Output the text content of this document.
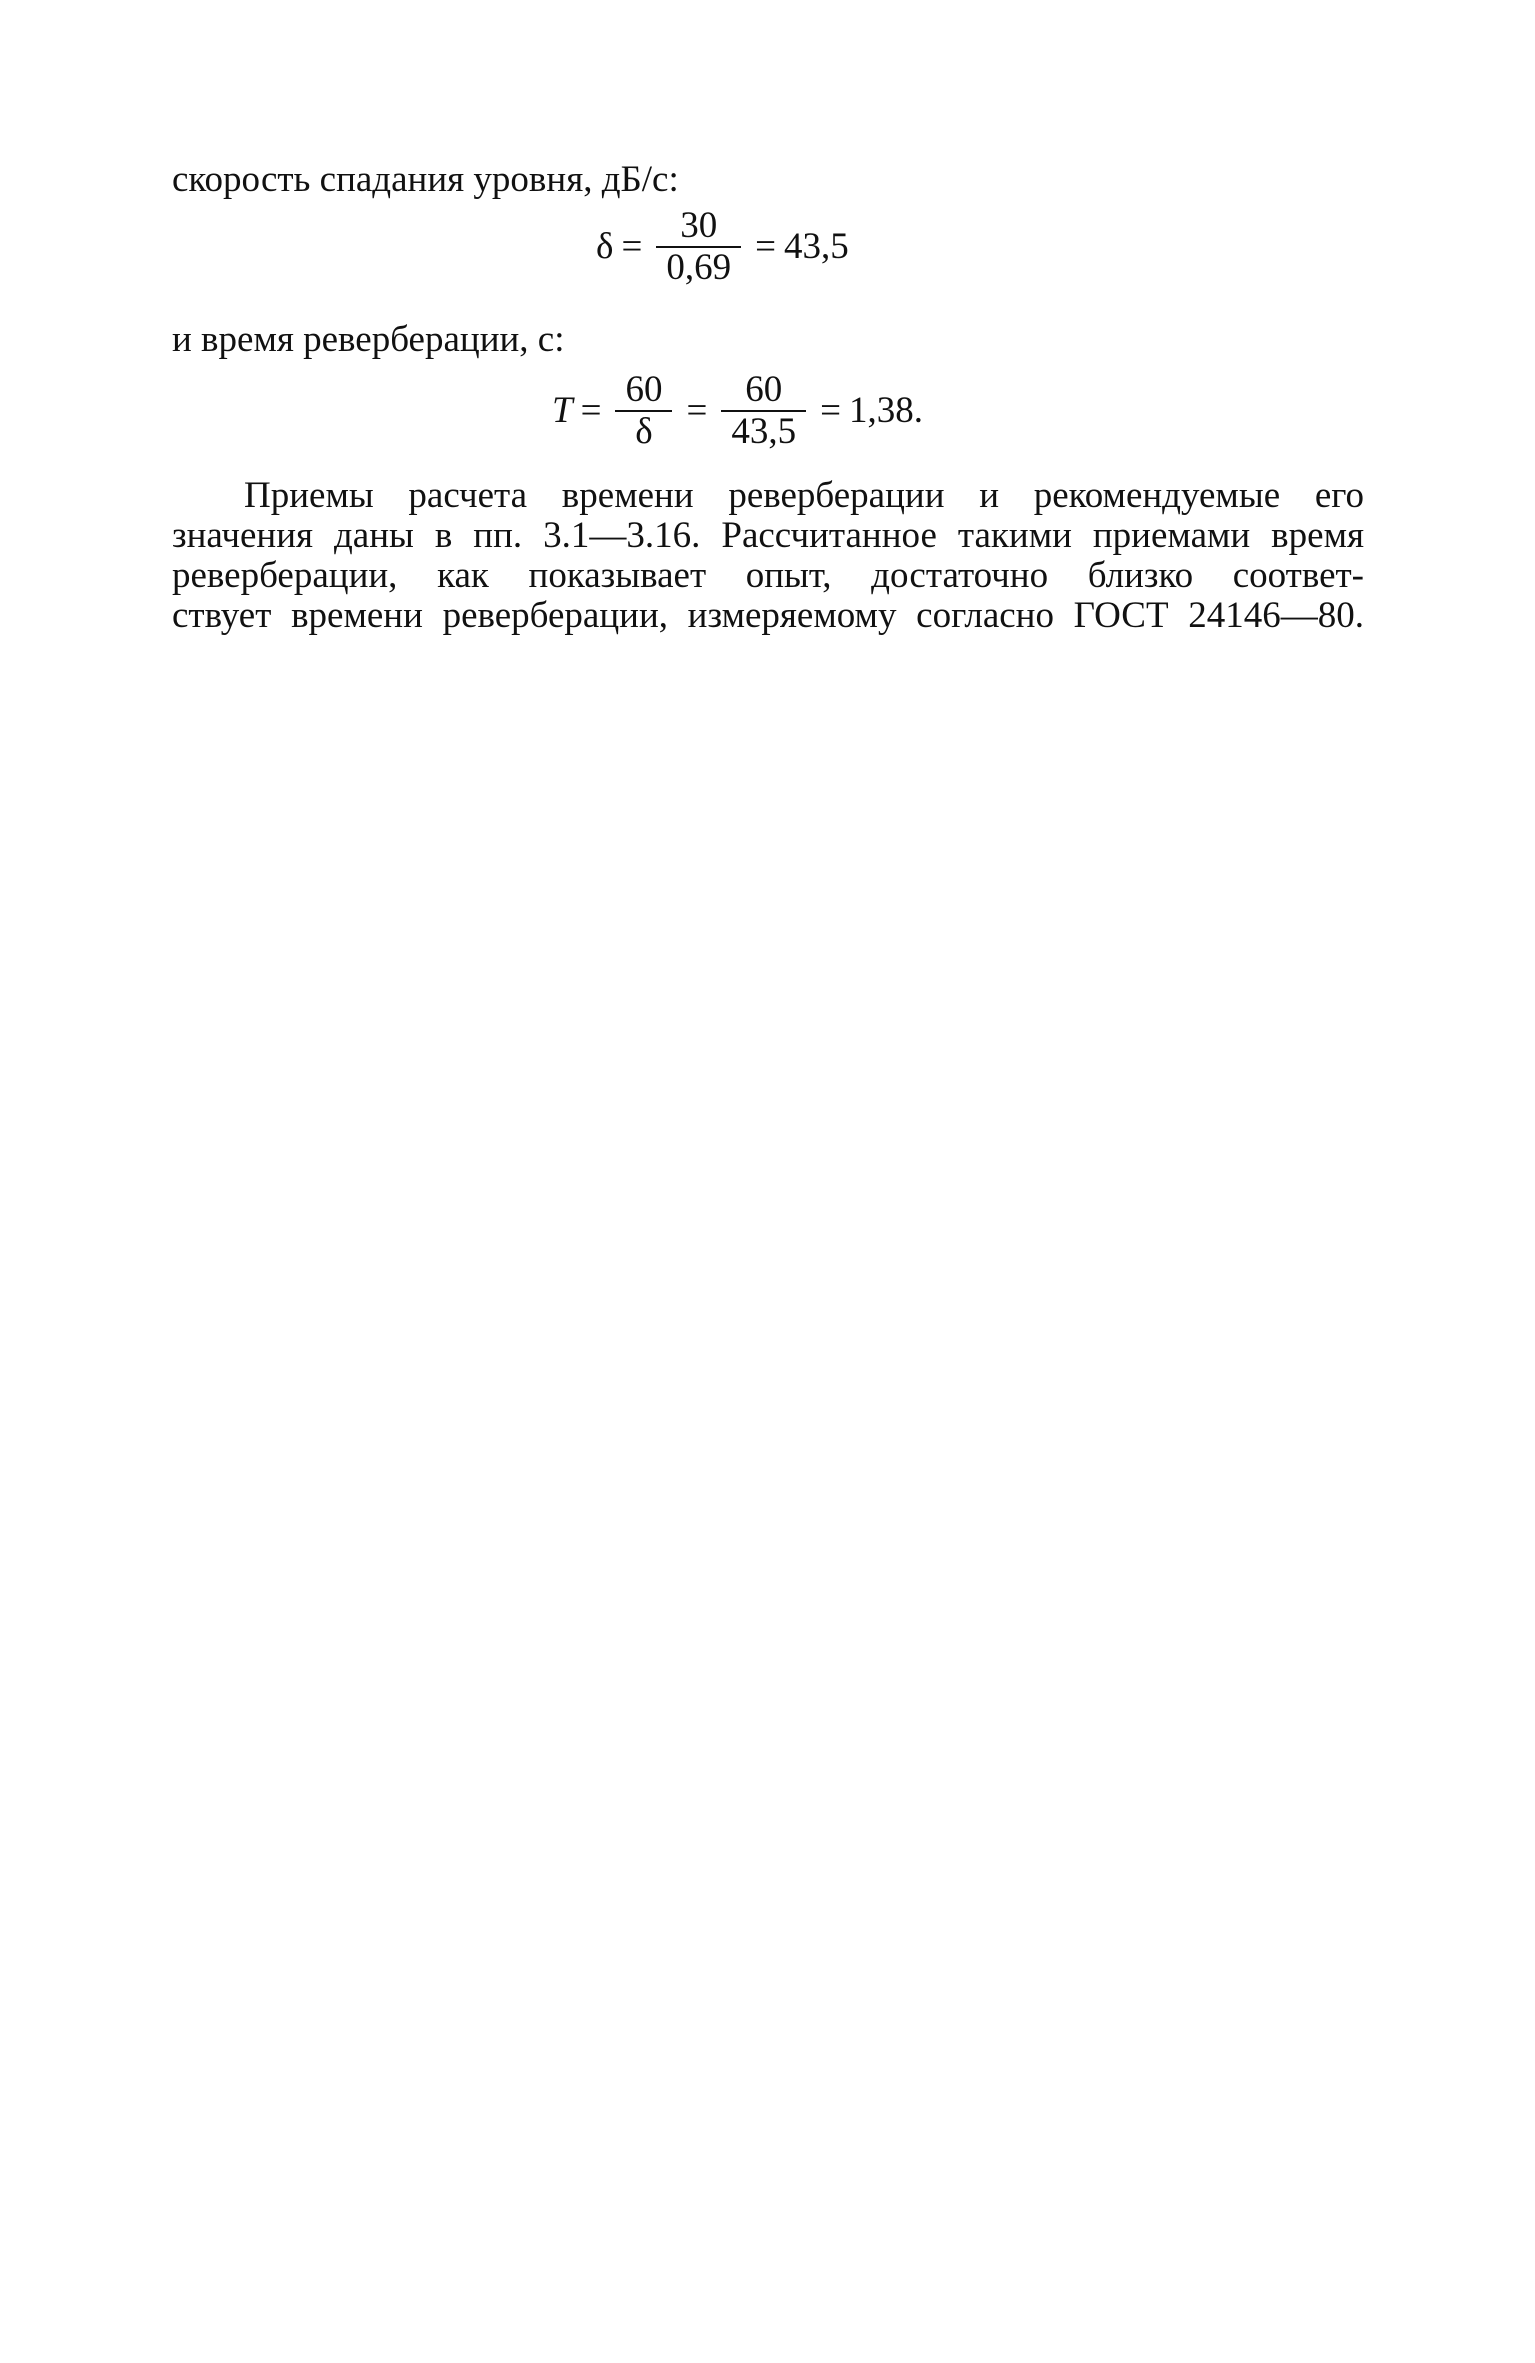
скорость спадания уровня, дБ/с:
$\delta = \frac{30}{0,69} = 43,5$
и время реверберации, с:
$T = \frac{60}{\delta} = \frac{60}{43,5} = 1,38$.
Приемы расчета времени реверберации и рекомендуемые его
значения даны в пп. 3.1—3.16. Рассчитанное такими приемами время
реверберации, как показывает опыт, достаточно близко соответ-
ствует времени реверберации, измеряемому согласно ГОСТ 24146—80.
